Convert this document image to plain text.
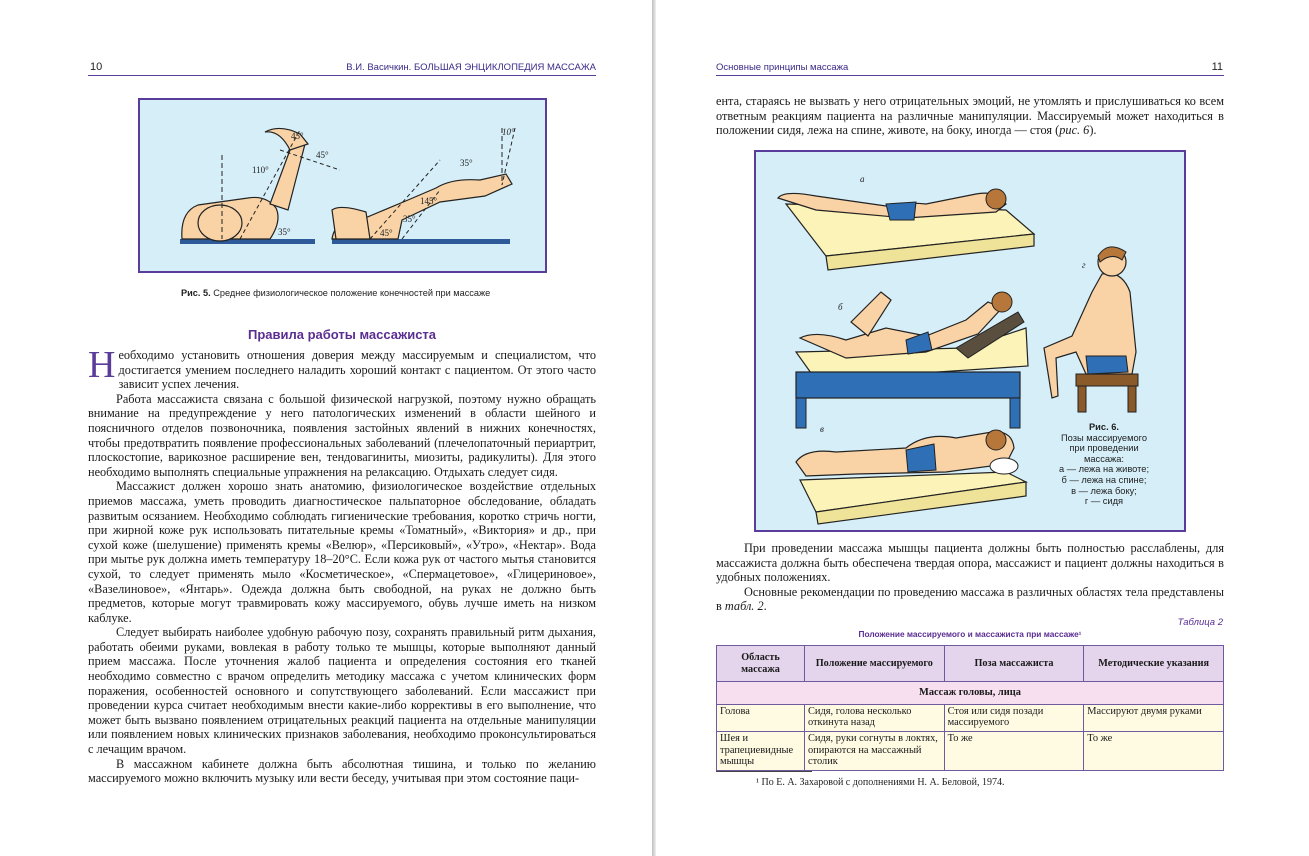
10	В.И. Васичкин. БОЛЬШАЯ ЭНЦИКЛОПЕДИЯ МАССАЖА
45°
45°
110°
35°
10°
35°
145°
35°
45°
Рис. 5. Среднее физиологическое положение конечностей при массаже
Правила работы массажиста

Необходимо установить отношения доверия между массируемым и специалистом, что достигается умением последнего наладить хороший контакт с пациентом. От этого часто зависит успех лечения.

Работа массажиста связана с большой физической нагрузкой, поэтому нужно обращать внимание на предупреждение у него патологических изменений в области шейного и поясничного отделов позвоночника, появления застойных явлений в нижних конечностях, чтобы предотвратить появление профессиональных заболеваний (плечелопаточный периартрит, плоскостопие, варикозное расширение вен, тендовагиниты, миозиты, радикулиты). Для этого необходимо выполнять специальные упражнения на релаксацию. Отдыхать следует сидя.

Массажист должен хорошо знать анатомию, физиологическое воздействие отдельных приемов массажа, уметь проводить диагностическое пальпаторное обследование, обладать развитым осязанием. Необходимо соблюдать гигиенические требования, коротко стричь ногти, при жирной коже рук использовать питательные кремы «Томатный», «Виктория» и др., при сухой коже (шелушение) применять кремы «Велюр», «Персиковый», «Утро», «Нектар». Вода при мытье рук должна иметь температуру 18–20°С. Если кожа рук от частого мытья становится сухой, то следует применять мыло «Косметическое», «Спермацетовое», «Глицериновое», «Вазелиновое», «Янтарь». Одежда должна быть свободной, на руках не должно быть предметов, которые могут травмировать кожу массируемого, обувь лучше иметь на низком каблуке.

Следует выбирать наиболее удобную рабочую позу, сохранять правильный ритм дыхания, работать обеими руками, вовлекая в работу только те мышцы, которые выполняют данный прием массажа. После уточнения жалоб пациента и определения состояния его тканей необходимо совместно с врачом определить методику массажа с учетом клинических форм поражения, особенностей основного и сопутствующего заболеваний. Если массажист при проведении курса считает необходимым внести какие-либо коррективы в его выполнение, что может быть вызвано появлением отрицательных реакций пациента на отдельные манипуляции или появлением новых клинических признаков заболевания, необходимо проконсультироваться с лечащим врачом.

В массажном кабинете должна быть абсолютная тишина, и только по желанию массируемого можно включить музыку или вести беседу, учитывая при этом состояние паци-

Основные принципы массажа	11

ента, стараясь не вызвать у него отрицательных эмоций, не утомлять и прислушиваться ко всем ответным реакциям пациента на различные манипуляции. Массируемый может находиться в положении сидя, лежа на спине, животе, на боку, иногда — стоя (рис. 6).

а
б
в
г
Рис. 6.
Позы массируемого
при проведении
массажа:
а — лежа на животе;
б — лежа на спине;
в — лежа боку;
г — сидя

При проведении массажа мышцы пациента должны быть полностью расслаблены, для массажиста должна быть обеспечена твердая опора, массажист и пациент должны находиться в удобных положениях.

Основные рекомендации по проведению массажа в различных областях тела представлены в табл. 2.

Таблица 2
Положение массируемого и массажиста при массаже¹
Область массажа	Положение массируемого	Поза массажиста	Методические указания
Массаж головы, лица			
Голова	Сидя, голова несколько откинута назад	Стоя или сидя позади массируемого	Массируют двумя руками
Шея и трапециевидные мышцы	Сидя, руки согнуты в локтях, опираются на массажный столик	То же	То же
¹ По Е. А. Захаровой с дополнениями Н. А. Беловой, 1974.
